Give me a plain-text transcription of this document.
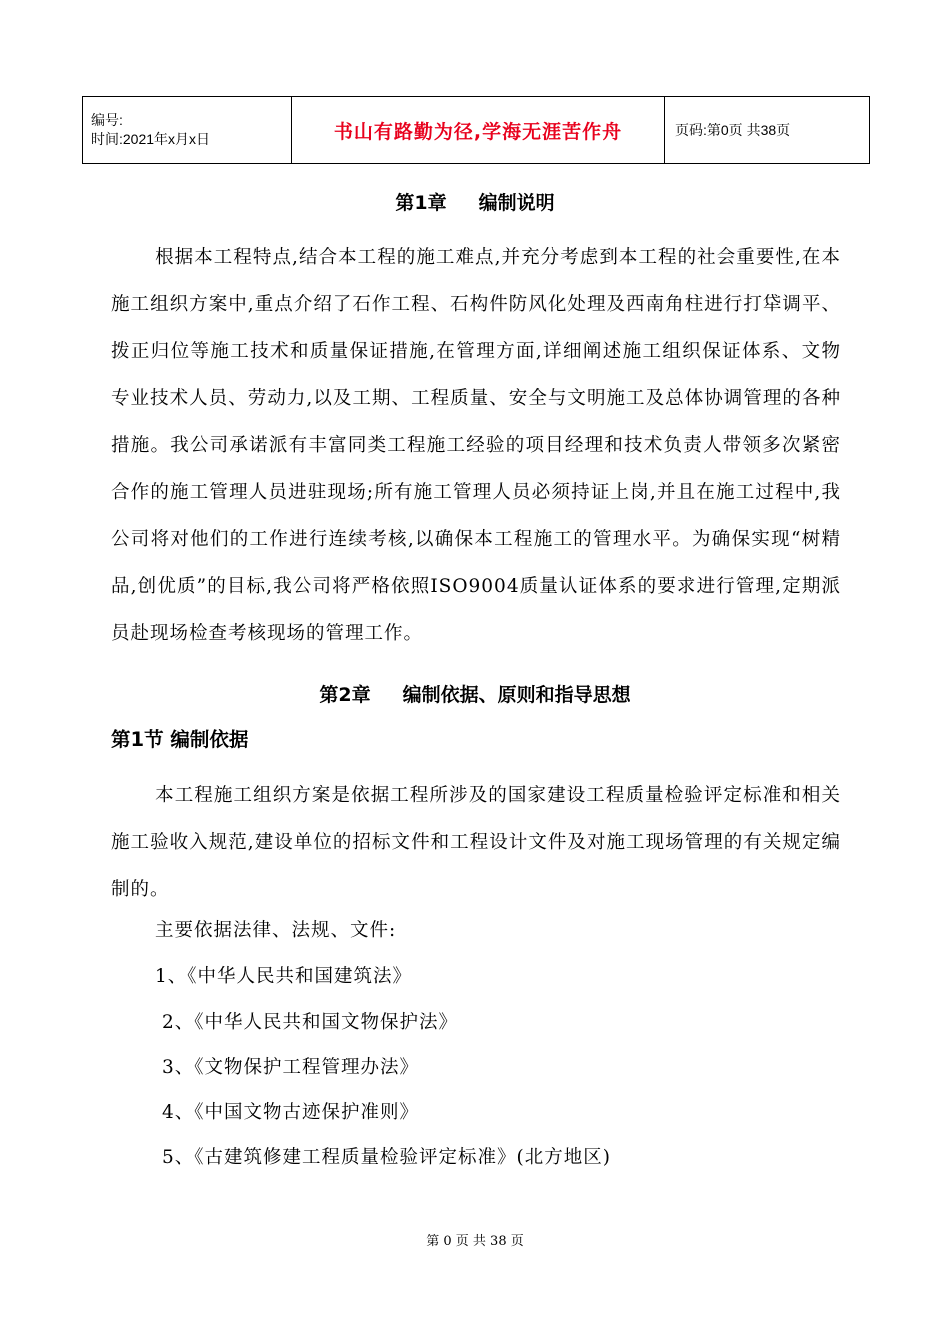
编号:
时间:2021年x月x日	书山有路勤为径,学海无涯苦作舟	页码:第0页 共38页
第1章 编制说明

根据本工程特点,结合本工程的施工难点,并充分考虑到本工程的社会重要性,在本施工组织方案中,重点介绍了石作工程、石构件防风化处理及西南角柱进行打牮调平、拨正归位等施工技术和质量保证措施,在管理方面,详细阐述施工组织保证体系、文物专业技术人员、劳动力,以及工期、工程质量、安全与文明施工及总体协调管理的各种措施。我公司承诺派有丰富同类工程施工经验的项目经理和技术负责人带领多次紧密合作的施工管理人员进驻现场;所有施工管理人员必须持证上岗,并且在施工过程中,我公司将对他们的工作进行连续考核,以确保本工程施工的管理水平。为确保实现“树精品,创优质”的目标,我公司将严格依照ISO9004质量认证体系的要求进行管理,定期派员赴现场检查考核现场的管理工作。

第2章 编制依据、原则和指导思想
第1节 编制依据

本工程施工组织方案是依据工程所涉及的国家建设工程质量检验评定标准和相关施工验收入规范,建设单位的招标文件和工程设计文件及对施工现场管理的有关规定编制的。

主要依据法律、法规、文件:
1、《中华人民共和国建筑法》
2、《中华人民共和国文物保护法》
3、《文物保护工程管理办法》
4、《中国文物古迹保护准则》
5、《古建筑修建工程质量检验评定标准》(北方地区)
第 0 页 共 38 页
